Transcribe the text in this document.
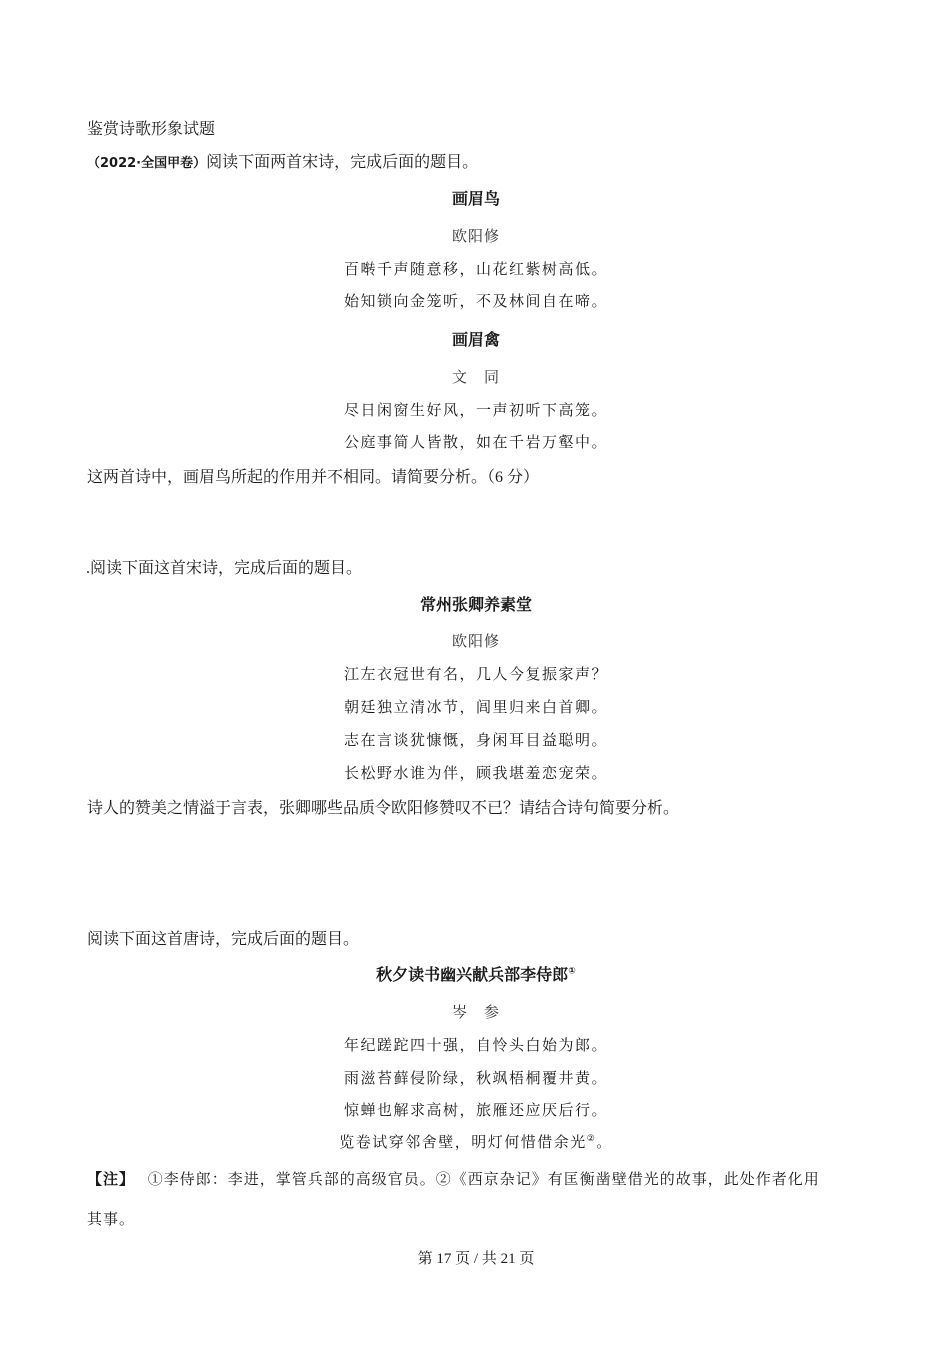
鉴赏诗歌形象试题
（2022·全国甲卷）阅读下面两首宋诗，完成后面的题目。
画眉鸟
欧阳修
百啭千声随意移，山花红紫树高低。
始知锁向金笼听，不及林间自在啼。
画眉禽
文　同
尽日闲窗生好风，一声初听下高笼。
公庭事简人皆散，如在千岩万壑中。
这两首诗中，画眉鸟所起的作用并不相同。请简要分析。（6 分）
.阅读下面这首宋诗，完成后面的题目。
常州张卿养素堂
欧阳修
江左衣冠世有名，几人今复振家声？
朝廷独立清冰节，闾里归来白首卿。
志在言谈犹慷慨，身闲耳目益聪明。
长松野水谁为伴，顾我堪羞恋宠荣。
诗人的赞美之情溢于言表，张卿哪些品质令欧阳修赞叹不已？请结合诗句简要分析。
阅读下面这首唐诗，完成后面的题目。
秋夕读书幽兴献兵部李侍郎①
岑　参
年纪蹉跎四十强，自怜头白始为郎。
雨滋苔藓侵阶绿，秋飒梧桐覆井黄。
惊蝉也解求高树，旅雁还应厌后行。
览卷试穿邻舍壁，明灯何惜借余光②。
【注】 ①李侍郎：李进，掌管兵部的高级官员。②《西京杂记》有匡衡凿壁借光的故事，此处作者化用
其事。
第 17 页 / 共 21 页
